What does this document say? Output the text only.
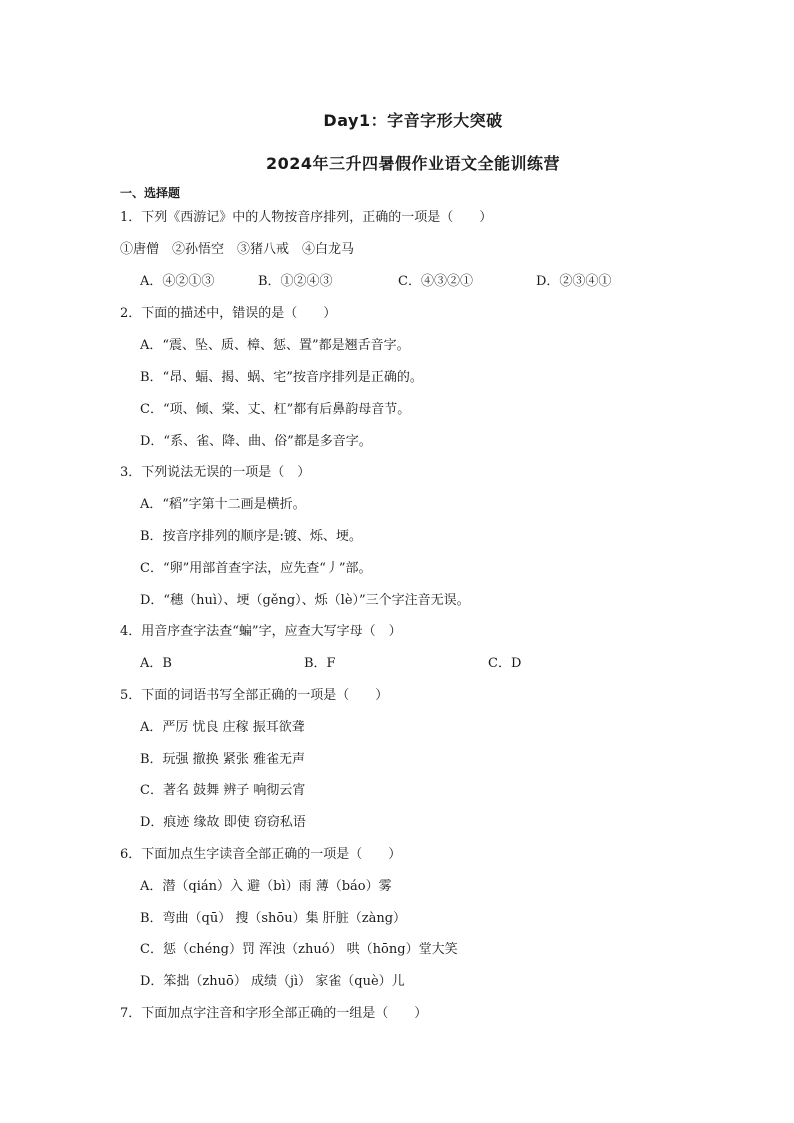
Day1：字音字形大突破
2024年三升四暑假作业语文全能训练营
一、选择题
1．下列《西游记》中的人物按音序排列，正确的一项是（　　）
①唐僧　②孙悟空　③猪八戒　④白龙马
A．④②①③	B．①②④③	C．④③②①	D．②③④①
2．下面的描述中，错误的是（　　）
A．“震、坠、质、樟、惩、置”都是翘舌音字。
B．“昂、蝠、揭、蜗、宅”按音序排列是正确的。
C．“项、倾、棠、丈、杠”都有后鼻韵母音节。
D．“系、雀、降、曲、俗”都是多音字。
3．下列说法无误的一项是（　）
A．“稻”字第十二画是横折。
B．按音序排列的顺序是:镀、烁、埂。
C．“卵”用部首查字法，应先查“丿”部。
D．“穗（huì）、埂（gěng）、烁（lè）”三个字注音无误。
4．用音序查字法查“蝙”字，应查大写字母（　）
A．B	B．F	C．D
5．下面的词语书写全部正确的一项是（　　）
A．严厉 忧良 庄稼 振耳欲聋
B．玩强 撤换 紧张 雅雀无声
C．著名 鼓舞 辨子 响彻云宵
D．痕迹 缘故 即使 窃窃私语
6．下面加点生字读音全部正确的一项是（　　）
A．潜（qián）入 避（bì）雨 薄（báo）雾
B．弯曲（qū） 搜（shōu）集 肝脏（zàng）
C．惩（chéng）罚 浑浊（zhuó） 哄（hōng）堂大笑
D．笨拙（zhuō） 成绩（jì） 家雀（què）儿
7．下面加点字注音和字形全部正确的一组是（　　）
